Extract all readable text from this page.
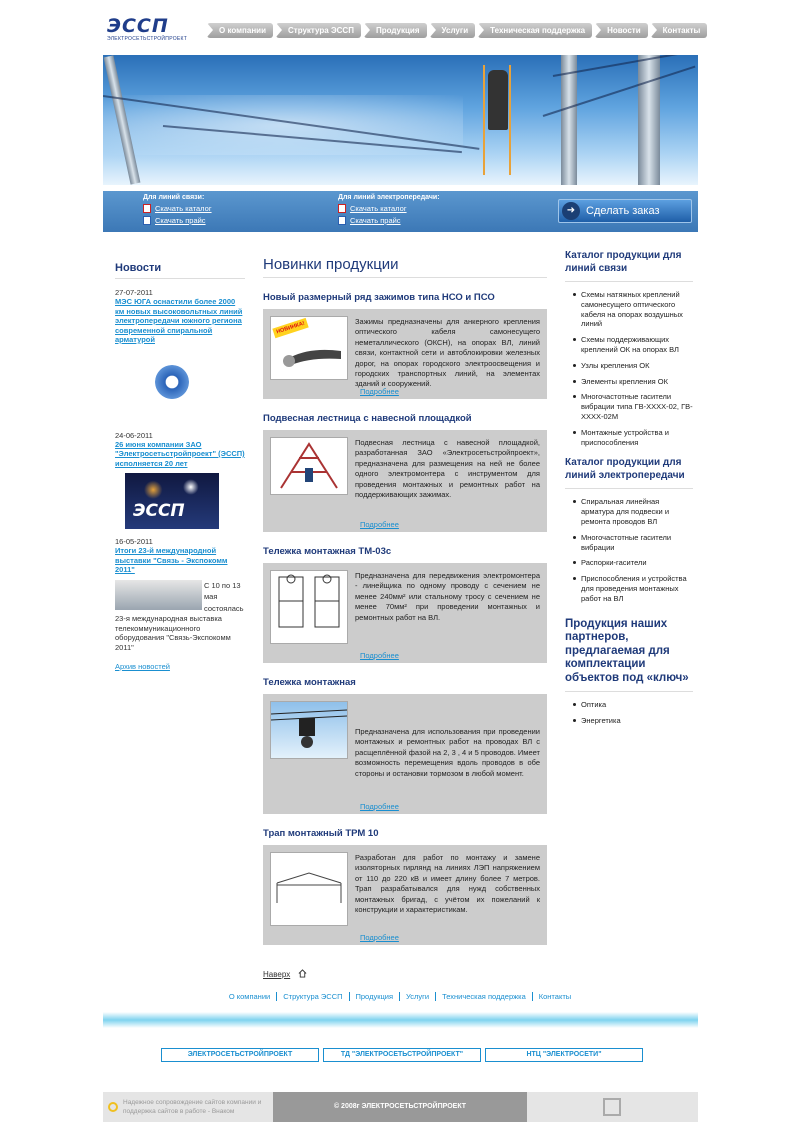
ЭССП
ЭЛЕКТРОСЕТЬСТРОЙПРОЕКТ
О компании	Структура ЭССП	Продукция	Услуги	Техническая поддержка	Новости	Контакты
Для линий связи:
Скачать каталог
Скачать прайс
Для линий электропередачи:
Скачать каталог
Скачать прайс
➜ Сделать заказ
Новости
27-07-2011
МЭС ЮГА оснастили более 2000 км новых высоковольтных линий электропередачи южного региона современной спиральной арматурой
24-06-2011
26 июня компании ЗАО "Электросетьстройпроект" (ЭССП) исполняется 20 лет
ЭССП
16-05-2011
Итоги 23-й международной выставки "Связь - Экспокомм 2011"
С 10 по 13 мая состоялась
23-я международная выставка телекоммуникационного оборудования "Связь-Экспокомм 2011"
Архив новостей
Новинки продукции
Новый размерный ряд зажимов типа НСО и ПСО
НОВИНКА!	Зажимы предназначены для анкерного крепления оптического кабеля самонесущего неметаллического (ОКСН), на опорах ВЛ, линий связи, контактной сети и автоблокировки железных дорог, на опорах городского электроосвещения и городских транспортных линий, на элементах зданий и сооружений.
Подробнее
Подвесная лестница с навесной площадкой
Подвесная лестница с навесной площадкой, разработанная ЗАО «Электросетьстройпроект», предназначена для размещения на ней не более одного электромонтера с инструментом для проведения монтажных и ремонтных работ на поддерживающих зажимах.
Подробнее
Тележка монтажная ТМ-03с
Предназначена для передвижения электромонтера - линейщика по одному проводу с сечением не менее 240мм² или стальному тросу с сечением не менее 70мм² при проведении монтажных и ремонтных работ на ВЛ.
Подробнее
Тележка монтажная
Предназначена для использования при проведении монтажных и ремонтных работ на проводах ВЛ с расщеплённой фазой на 2, 3 , 4 и 5 проводов. Имеет возможность перемещения вдоль проводов в обе стороны и остановки тормозом в любой момент.
Подробнее
Трап монтажный ТРМ 10
Разработан для работ по монтажу и замене изоляторных гирлянд на линиях ЛЭП напряжением от 110 до 220 кВ и имеет длину более 7 метров. Трап разрабатывался для нужд собственных монтажных бригад, с учётом их пожеланий к конструкции и характеристикам.
Подробнее
Наверх
Каталог продукции для линий связи
Схемы натяжных креплений самонесущего оптического кабеля на опорах воздушных линий
Схемы поддерживающих креплений ОК на опорах ВЛ
Узлы крепления ОК
Элементы крепления ОК
Многочастотные гасители вибрации типа ГВ-ХХХХ-02, ГВ-ХХХХ-02М
Монтажные устройства и приспособления
Каталог продукции для линий электропередачи
Спиральная линейная арматура для подвески и ремонта проводов ВЛ
Многочастотные гасители вибрации
Распорки-гасители
Приспособления и устройства для проведения монтажных работ на ВЛ
Продукция наших партнеров, предлагаемая для комплектации объектов под «ключ»
Оптика
Энергетика
О компании Структура ЭССП Продукция Услуги Техническая поддержка Контакты
ЭЛЕКТРОСЕТЬСТРОЙПРОЕКТ	ТД "ЭЛЕКТРОСЕТЬСТРОЙПРОЕКТ"	НТЦ "ЭЛЕКТРОСЕТИ"
Надежное сопровождение сайтов компании и поддержка сайтов в работе - Внаком
© 2008г ЭЛЕКТРОСЕТЬСТРОЙПРОЕКТ
